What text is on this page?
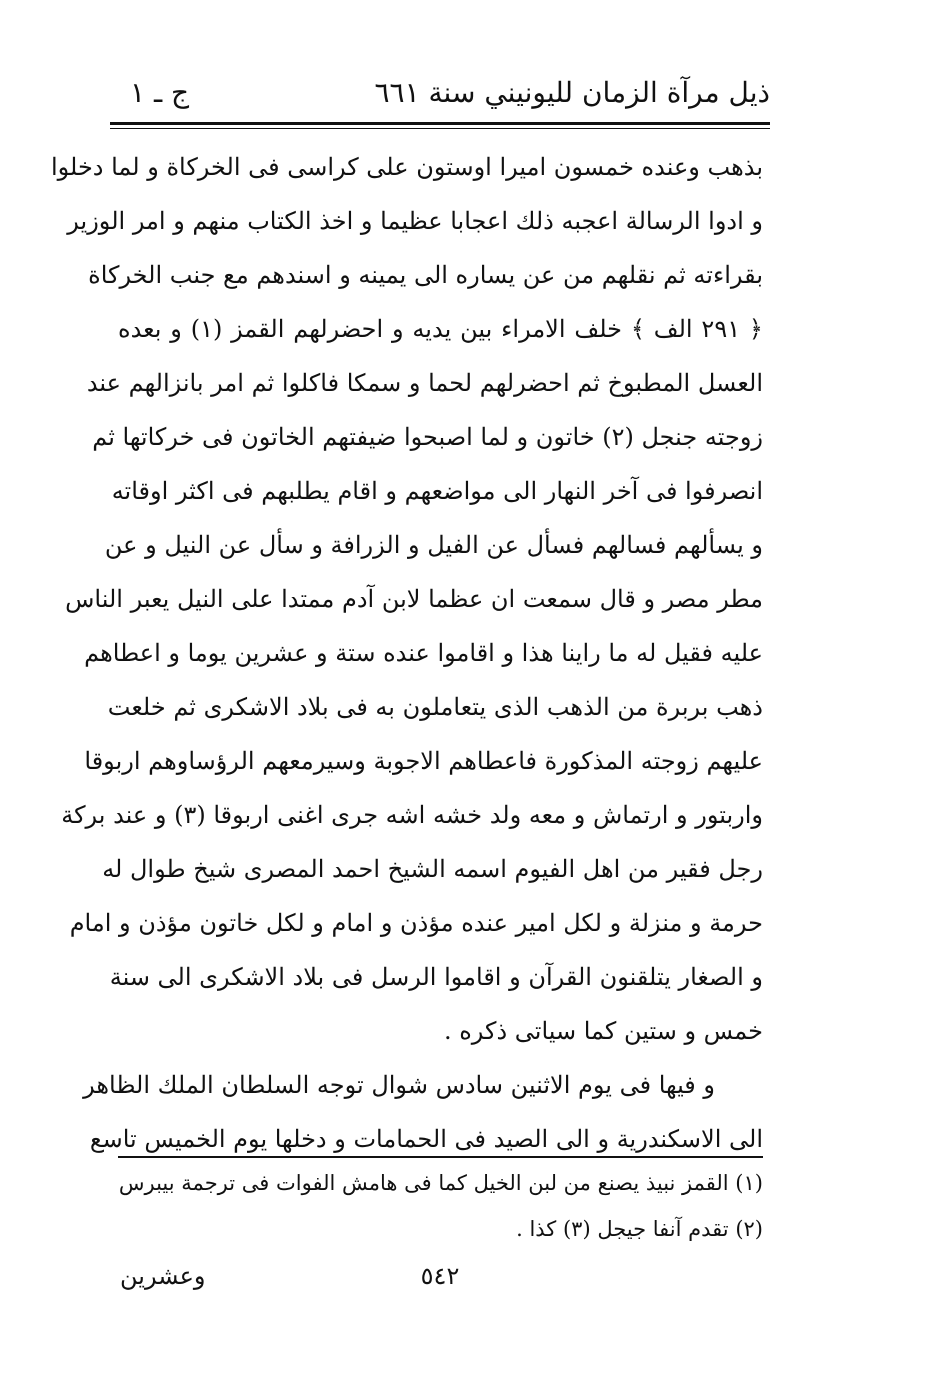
ذيل مرآة الزمان لليونيني سنة ٦٦١
ج ـ ١
بذهب وعنده خمسون اميرا اوستون على كراسى فى الخركاة و لما دخلوا
و ادوا الرسالة اعجبه ذلك اعجابا عظيما و اخذ الكتاب منهم و امر الوزير
بقراءته ثم نقلهم من عن يساره الى يمينه و اسندهم مع جنب الخركاة
﴿ ٢٩١ الف ﴾ خلف الامراء بين يديه و احضرلهم القمز (١) و بعده
العسل المطبوخ ثم احضرلهم لحما و سمكا فاكلوا ثم امر بانزالهم عند
زوجته جنجل (٢) خاتون و لما اصبحوا ضيفتهم الخاتون فى خركاتها ثم
انصرفوا فى آخر النهار الى مواضعهم و اقام يطلبهم فى اكثر اوقاته
و يسألهم فسالهم فسأل عن الفيل و الزرافة و سأل عن النيل و عن
مطر مصر و قال سمعت ان عظما لابن آدم ممتدا على النيل يعبر الناس
عليه فقيل له ما راينا هذا و اقاموا عنده ستة و عشرين يوما و اعطاهم
ذهب بربرة من الذهب الذى يتعاملون به فى بلاد الاشكرى ثم خلعت
عليهم زوجته المذكورة فاعطاهم الاجوبة وسيرمعهم الرؤساوهم اربوقا
واربتور و ارتماش و معه ولد خشه اشه جرى اغنى اربوقا (٣) و عند بركة
رجل فقير من اهل الفيوم اسمه الشيخ احمد المصرى شيخ طوال له
حرمة و منزلة و لكل امير عنده مؤذن و امام و لكل خاتون مؤذن و امام
و الصغار يتلقنون القرآن و اقاموا الرسل فى بلاد الاشكرى الى سنة
خمس و ستين كما سياتى ذكره .
و فيها فى يوم الاثنين سادس شوال توجه السلطان الملك الظاهر
الى الاسكندرية و الى الصيد فى الحمامات و دخلها يوم الخميس تاسع
(١) القمز نبيذ يصنع من لبن الخيل كما فى هامش الفوات فى ترجمة بيبرس
(٢) تقدم آنفا جيجل (٣) كذا .
٥٤٢
وعشرين
